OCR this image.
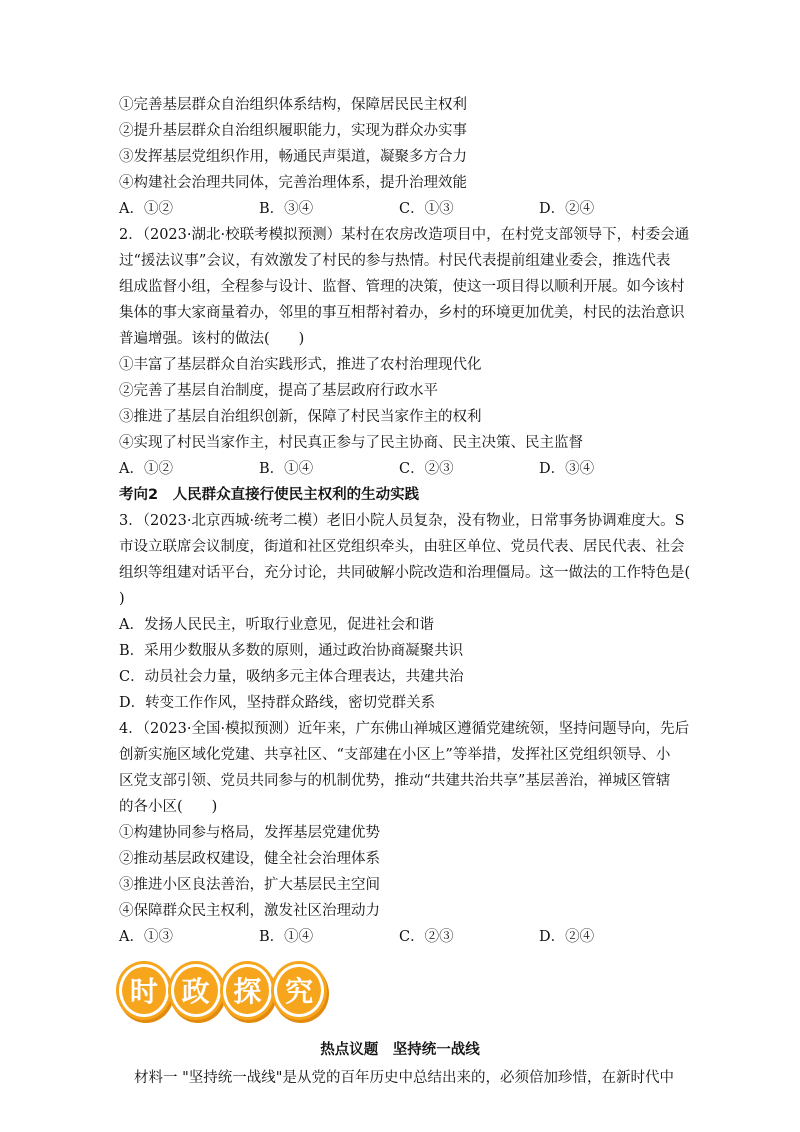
①完善基层群众自治组织体系结构，保障居民民主权利
②提升基层群众自治组织履职能力，实现为群众办实事
③发挥基层党组织作用，畅通民声渠道，凝聚多方合力
④构建社会治理共同体，完善治理体系，提升治理效能
A．①②	B．③④	C．①③	D．②④
2．（2023·湖北·校联考模拟预测）某村在农房改造项目中，在村党支部领导下，村委会通
过“援法议事”会议，有效激发了村民的参与热情。村民代表提前组建业委会，推选代表
组成监督小组，全程参与设计、监督、管理的决策，使这一项目得以顺利开展。如今该村
集体的事大家商量着办，邻里的事互相帮衬着办，乡村的环境更加优美，村民的法治意识
普遍增强。该村的做法(　　)
①丰富了基层群众自治实践形式，推进了农村治理现代化
②完善了基层自治制度，提高了基层政府行政水平
③推进了基层自治组织创新，保障了村民当家作主的权利
④实现了村民当家作主，村民真正参与了民主协商、民主决策、民主监督
A．①②	B．①④	C．②③	D．③④
考向2　人民群众直接行使民主权利的生动实践
3．（2023·北京西城·统考二模）老旧小院人员复杂，没有物业，日常事务协调难度大。S
市设立联席会议制度，街道和社区党组织牵头，由驻区单位、党员代表、居民代表、社会
组织等组建对话平台，充分讨论，共同破解小院改造和治理僵局。这一做法的工作特色是(
)
A．发扬人民民主，听取行业意见，促进社会和谐
B．采用少数服从多数的原则，通过政治协商凝聚共识
C．动员社会力量，吸纳多元主体合理表达，共建共治
D．转变工作作风，坚持群众路线，密切党群关系
4．（2023·全国·模拟预测）近年来，广东佛山禅城区遵循党建统领，坚持问题导向，先后
创新实施区域化党建、共享社区、“支部建在小区上”等举措，发挥社区党组织领导、小
区党支部引领、党员共同参与的机制优势，推动“共建共治共享”基层善治，禅城区管辖
的各小区(　　)
①构建协同参与格局，发挥基层党建优势
②推动基层政权建设，健全社会治理体系
③推进小区良法善治，扩大基层民主空间
④保障群众民主权利，激发社区治理动力
A．①③	B．①④	C．②③	D．②④
时 政 探 究
热点议题　坚持统一战线
　　材料一 "坚持统一战线"是从党的百年历史中总结出来的，必须倍加珍惜，在新时代中
